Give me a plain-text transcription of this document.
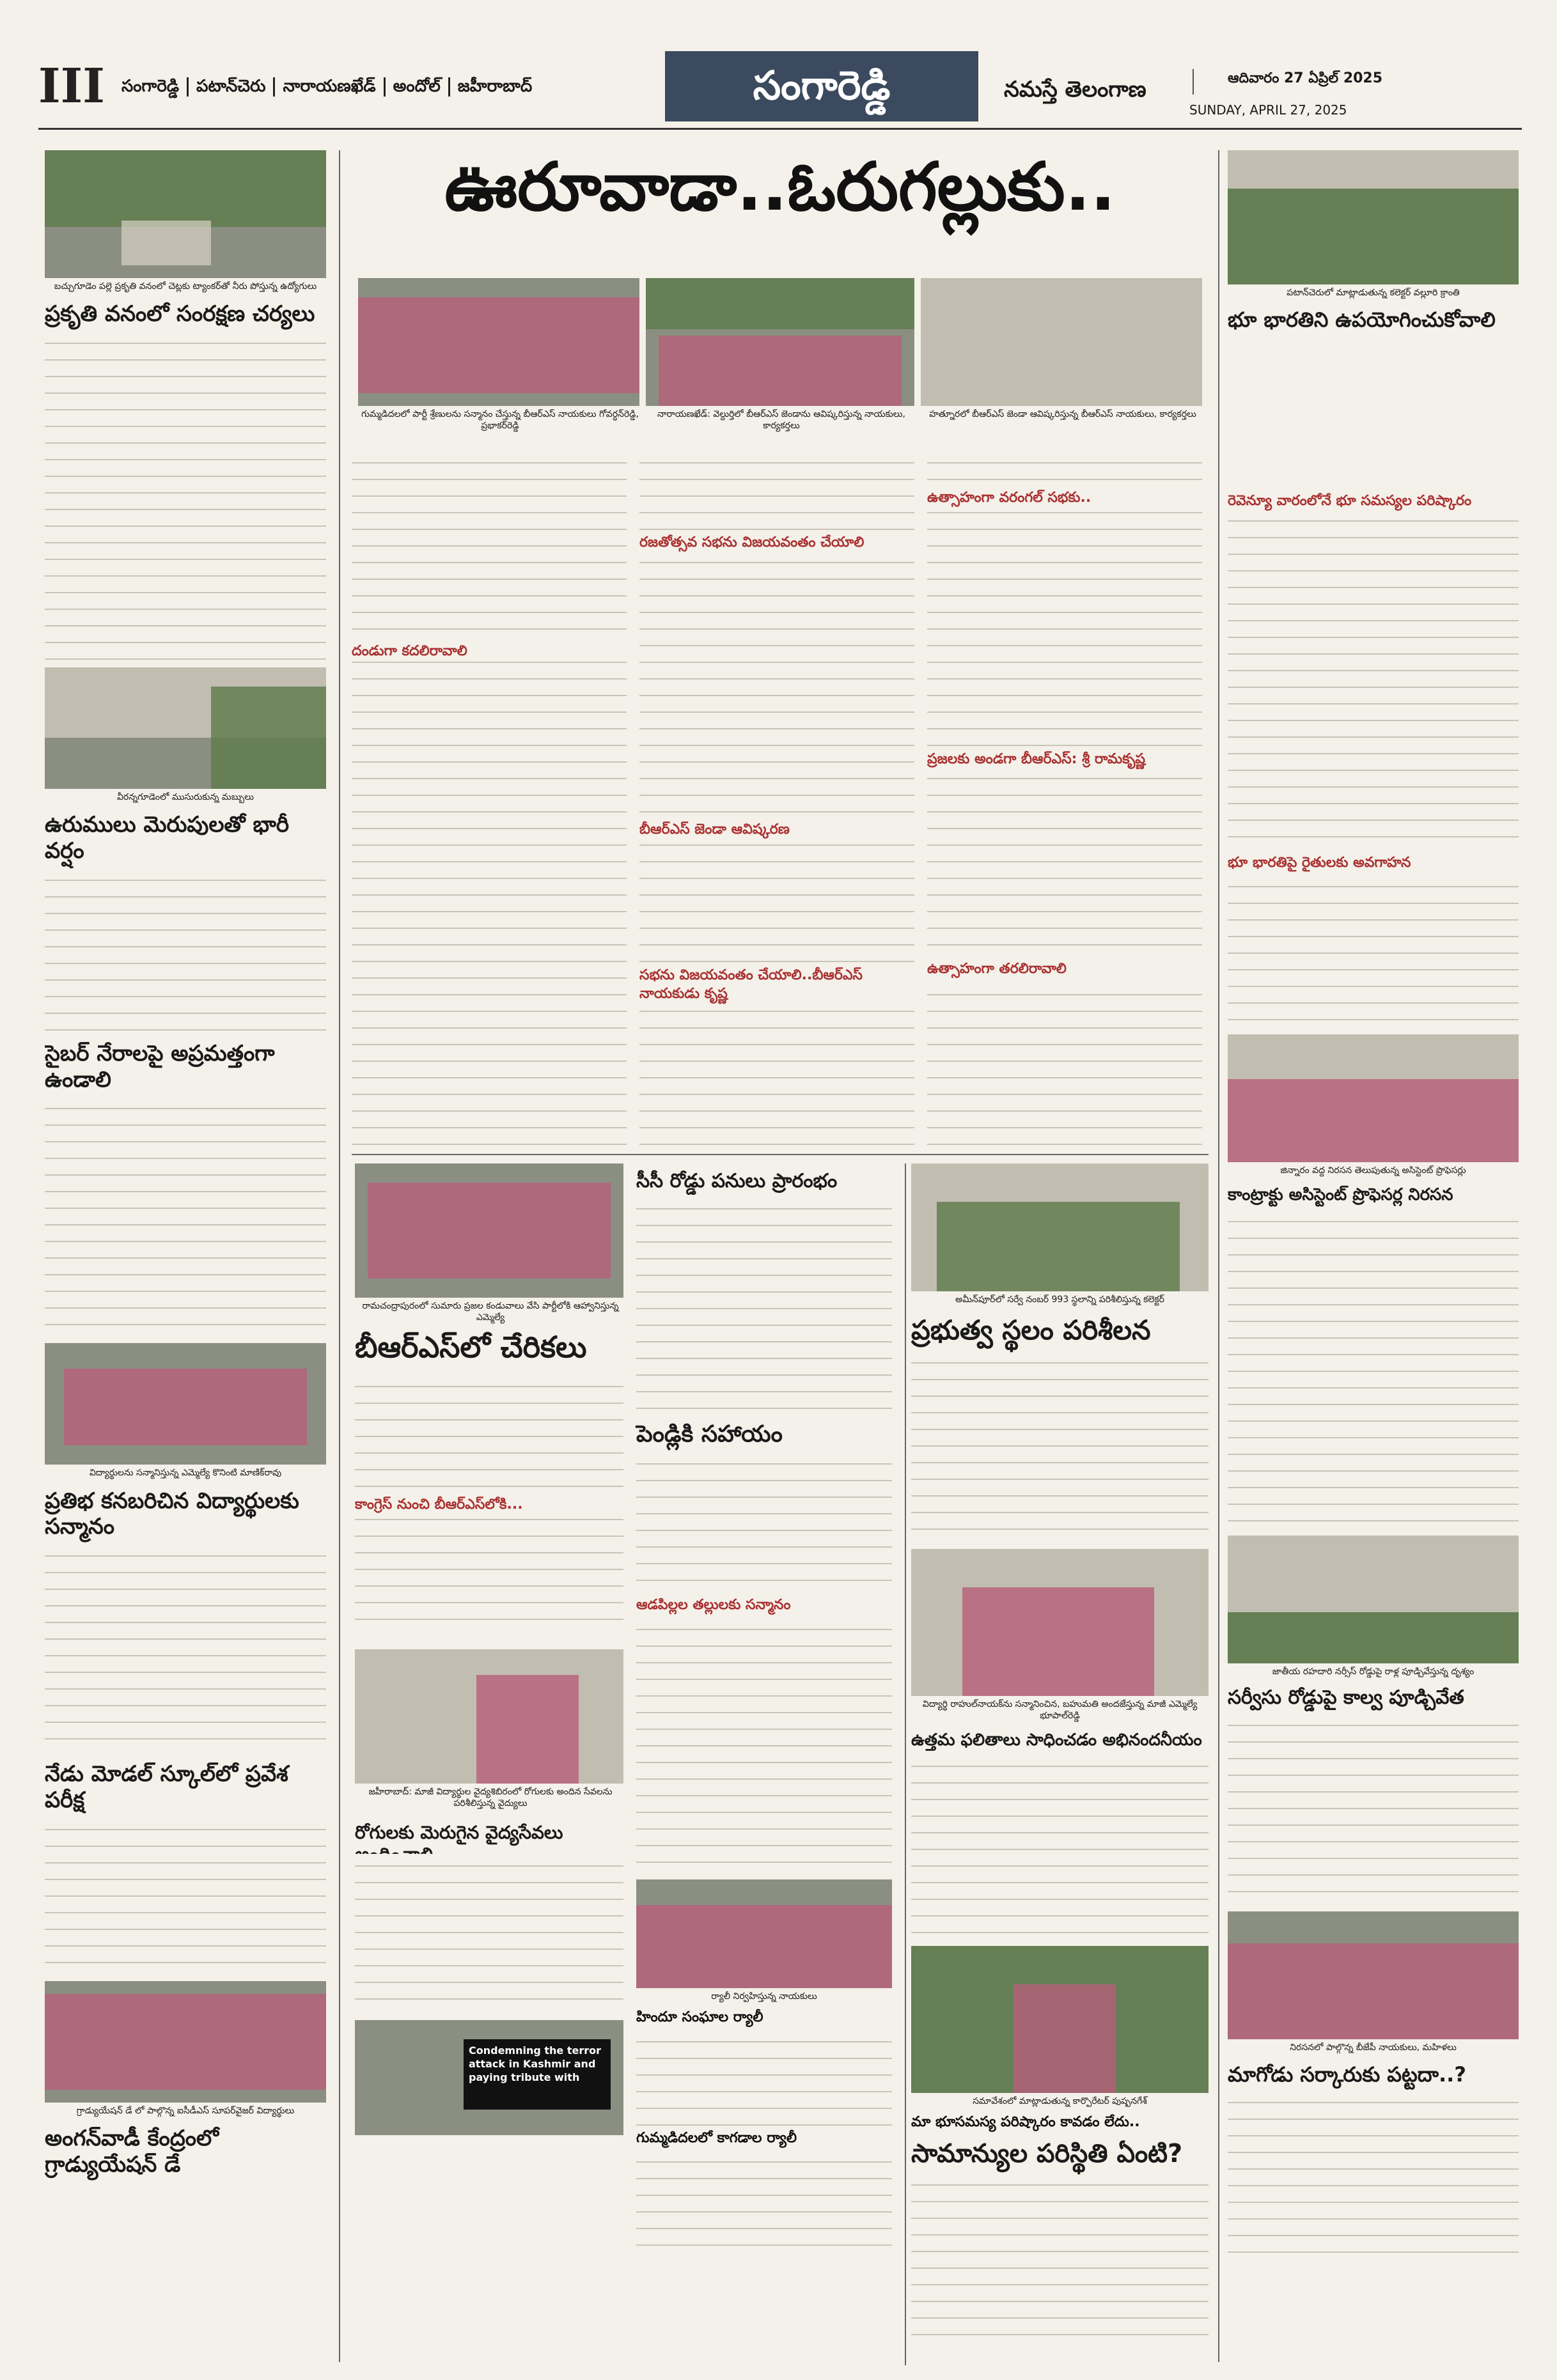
III సంగారెడ్డి పటాన్‌చెరు నారాయణఖేడ్ అందోల్ జహీరాబాద్	సంగారెడ్డి	నమస్తే తెలంగాణ	ఆదివారం 27 ఏప్రిల్ 2025
SUNDAY, APRIL 27, 2025
బచ్చుగూడెం పల్లె ప్రకృతి వనంలో చెట్లకు ట్యాంకర్‌తో నీరు పోస్తున్న ఉద్యోగులు
ప్రకృతి వనంలో సంరక్షణ చర్యలు

వీరన్నగూడెంలో ముసురుకున్న మబ్బులు
ఉరుములు మెరుపులతో భారీ వర్షం

సైబర్ నేరాలపై అప్రమత్తంగా ఉండాలి

విద్యార్థులను సన్మానిస్తున్న ఎమ్మెల్యే కొనింటి మాణిక్‌రావు
ప్రతిభ కనబరిచిన విద్యార్థులకు సన్మానం

నేడు మోడల్ స్కూల్‌లో ప్రవేశ పరీక్ష

గ్రాడ్యుయేషన్ డే లో పాల్గొన్న ఐసీడీఎస్ సూపర్‌వైజర్ విద్యార్థులు
అంగన్‌వాడీ కేంద్రంలో గ్రాడ్యుయేషన్ డే
ఊరూవాడా..ఓరుగల్లుకు..
గుమ్మడిదలలో పార్టీ శ్రేణులను సన్మానం చేస్తున్న బీఆర్ఎస్ నాయకులు గోవర్ధన్‌రెడ్డి, ప్రభాకర్‌రెడ్డి
నారాయణఖేడ్: వెల్దుర్తిలో బీఆర్ఎస్ జెండాను ఆవిష్కరిస్తున్న నాయకులు, కార్యకర్తలు
హత్నూరలో బీఆర్ఎస్ జెండా ఆవిష్కరిస్తున్న బీఆర్ఎస్ నాయకులు, కార్యకర్తలు
దండుగా కదలిరావాలి
రజతోత్సవ సభను విజయవంతం చేయాలి
బీఆర్ఎస్ జెండా ఆవిష్కరణ
సభను విజయవంతం చేయాలి..బీఆర్ఎస్ నాయకుడు కృష్ణ
ఉత్సాహంగా వరంగల్ సభకు..
ప్రజలకు అండగా బీఆర్ఎస్: శ్రీ రామకృష్ణ
ఉత్సాహంగా తరలిరావాలి
రామచంద్రాపురంలో సుమారు ప్రజల కండువాలు వేసి పార్టీలోకి ఆహ్వానిస్తున్న ఎమ్మెల్యే
బీఆర్ఎస్‌లో చేరికలు
కాంగ్రెస్ నుంచి బీఆర్ఎస్‌లోకి...
జహీరాబాద్: మాజీ విద్యార్థుల వైద్యశిబిరంలో రోగులకు అందిన సేవలను పరిశీలిస్తున్న వైద్యులు
రోగులకు మెరుగైన వైద్యసేవలు
Condemning the terror attack in Kashmir and paying tribute with
సీసీ రోడ్డు పనులు ప్రారంభం
పెండ్లికి సహాయం
ఆడపిల్లల తల్లులకు సన్మానం
ర్యాలీ నిర్వహిస్తున్న నాయకులు
హిందూ సంఘాల ర్యాలీ
గుమ్మడిదలలో కాగడాల ర్యాలీ
అమీన్‌పూర్‌లో సర్వే నంబర్ 993 స్థలాన్ని పరిశీలిస్తున్న కలెక్టర్
ప్రభుత్వ స్థలం పరిశీలన
విద్యార్థి రాహుల్‌నాయక్‌ను సన్మానించిన, బహుమతి అందజేస్తున్న మాజీ ఎమ్మెల్యే భూపాల్‌రెడ్డి
ఉత్తమ ఫలితాలు సాధించడం అభినందనీయం
సమావేశంలో మాట్లాడుతున్న కార్పొరేటర్ పుష్పనగేశ్
మా భూసమస్య పరిష్కారం కావడం లేదు..
సామాన్యుల పరిస్థితి ఏంటి?
పటాన్‌చెరులో మాట్లాడుతున్న కలెక్టర్ వల్లూరి క్రాంతి
భూ భారతిని ఉపయోగించుకోవాలి
రెవెన్యూ వారంలోనే భూ సమస్యల పరిష్కారం
భూ భారతిపై రైతులకు అవగాహన
జిన్నారం వద్ద నిరసన తెలుపుతున్న అసిస్టెంట్ ప్రొఫెసర్లు
కాంట్రాక్టు అసిస్టెంట్ ప్రొఫెసర్ల నిరసన
జాతీయ రహదారి నర్సీస్ రోడ్డుపై రాళ్ల పూడ్చివేస్తున్న దృశ్యం
సర్వీసు రోడ్డుపై కాల్వ పూడ్చివేత
నిరసనలో పాల్గొన్న బీజేపీ నాయకులు, మహిళలు
మాగోడు సర్కారుకు పట్టదా..?
